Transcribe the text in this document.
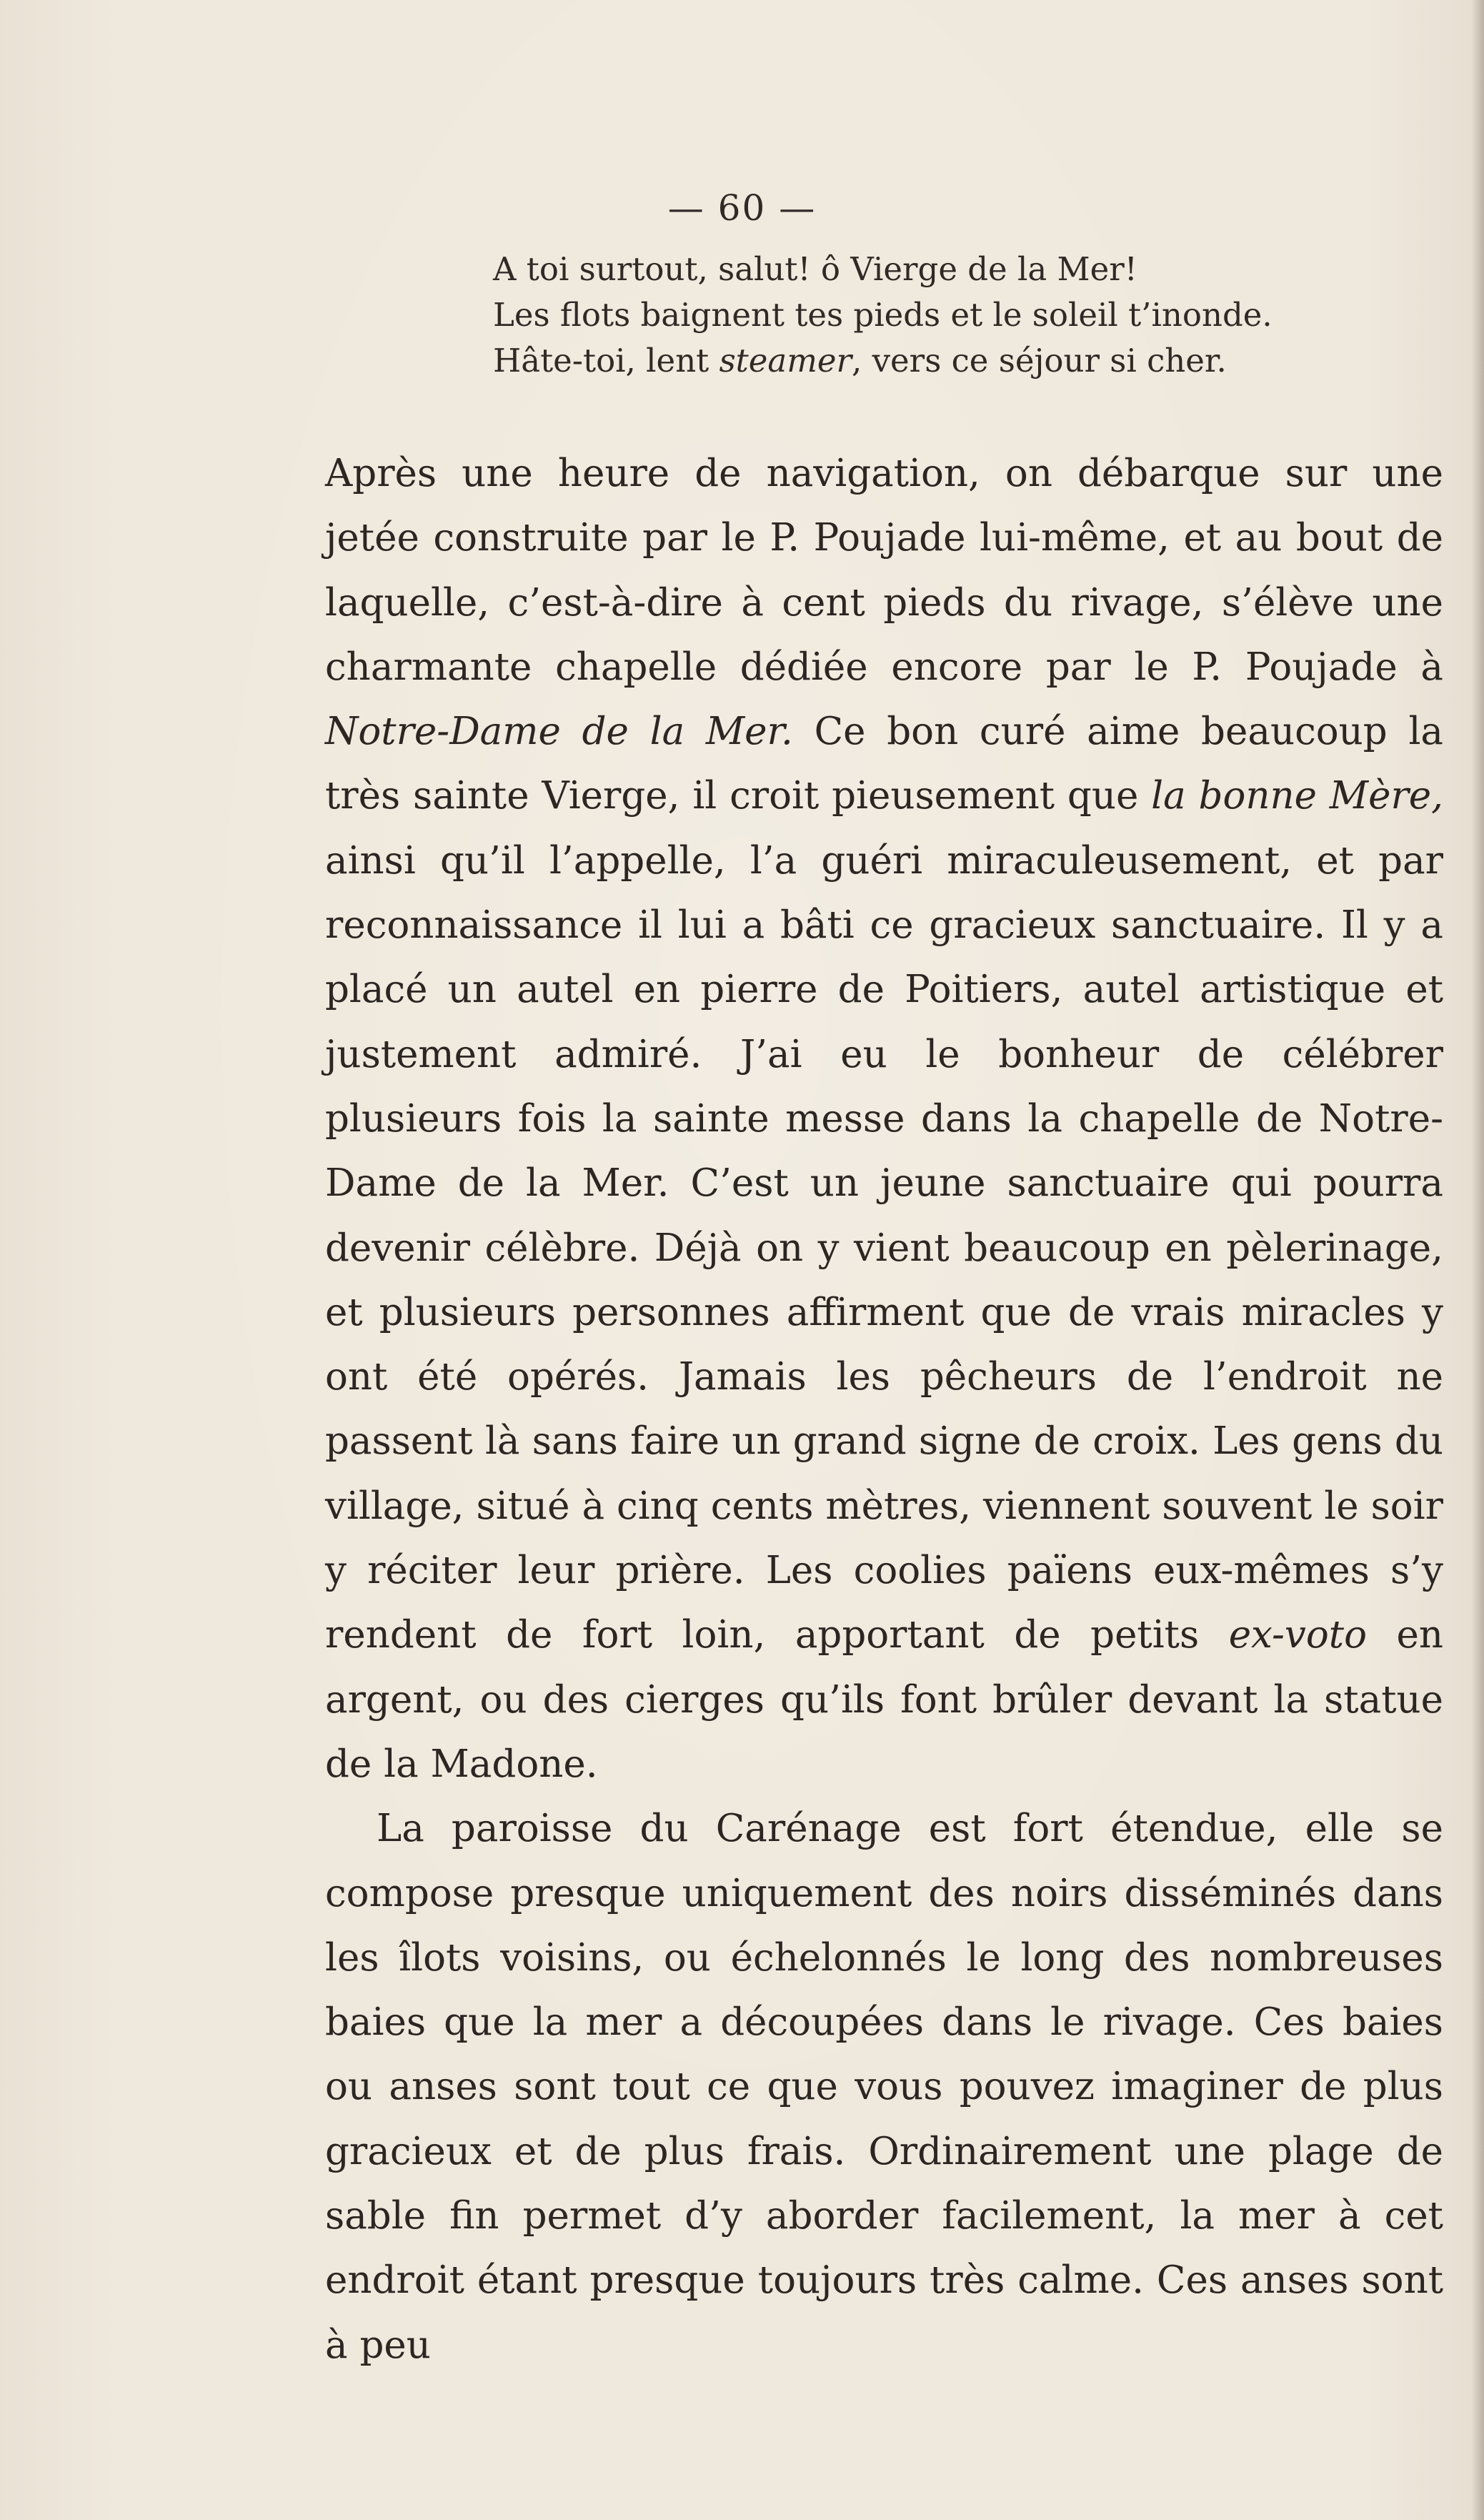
— 60 —
A toi surtout, salut! ô Vierge de la Mer!
Les flots baignent tes pieds et le soleil t’inonde.
Hâte-toi, lent steamer, vers ce séjour si cher.

Après une heure de navigation, on débarque sur une jetée construite par le P. Poujade lui-même, et au bout de laquelle, c’est-à-dire à cent pieds du rivage, s’élève une charmante chapelle dédiée encore par le P. Poujade à Notre-Dame de la Mer. Ce bon curé aime beaucoup la très sainte Vierge, il croit pieusement que la bonne Mère, ainsi qu’il l’appelle, l’a guéri miraculeusement, et par reconnaissance il lui a bâti ce gracieux sanctuaire. Il y a placé un autel en pierre de Poitiers, autel artistique et justement admiré. J’ai eu le bonheur de célébrer plusieurs fois la sainte messe dans la chapelle de Notre-Dame de la Mer. C’est un jeune sanctuaire qui pourra devenir célèbre. Déjà on y vient beaucoup en pèlerinage, et plusieurs personnes affirment que de vrais miracles y ont été opérés. Jamais les pêcheurs de l’endroit ne passent là sans faire un grand signe de croix. Les gens du village, situé à cinq cents mètres, viennent souvent le soir y réciter leur prière. Les coolies païens eux-mêmes s’y rendent de fort loin, apportant de petits ex-voto en argent, ou des cierges qu’ils font brûler devant la statue de la Madone.

La paroisse du Carénage est fort étendue, elle se compose presque uniquement des noirs disséminés dans les îlots voisins, ou échelonnés le long des nombreuses baies que la mer a découpées dans le rivage. Ces baies ou anses sont tout ce que vous pouvez imaginer de plus gracieux et de plus frais. Ordinairement une plage de sable fin permet d’y aborder facilement, la mer à cet endroit étant presque toujours très calme. Ces anses sont à peu
